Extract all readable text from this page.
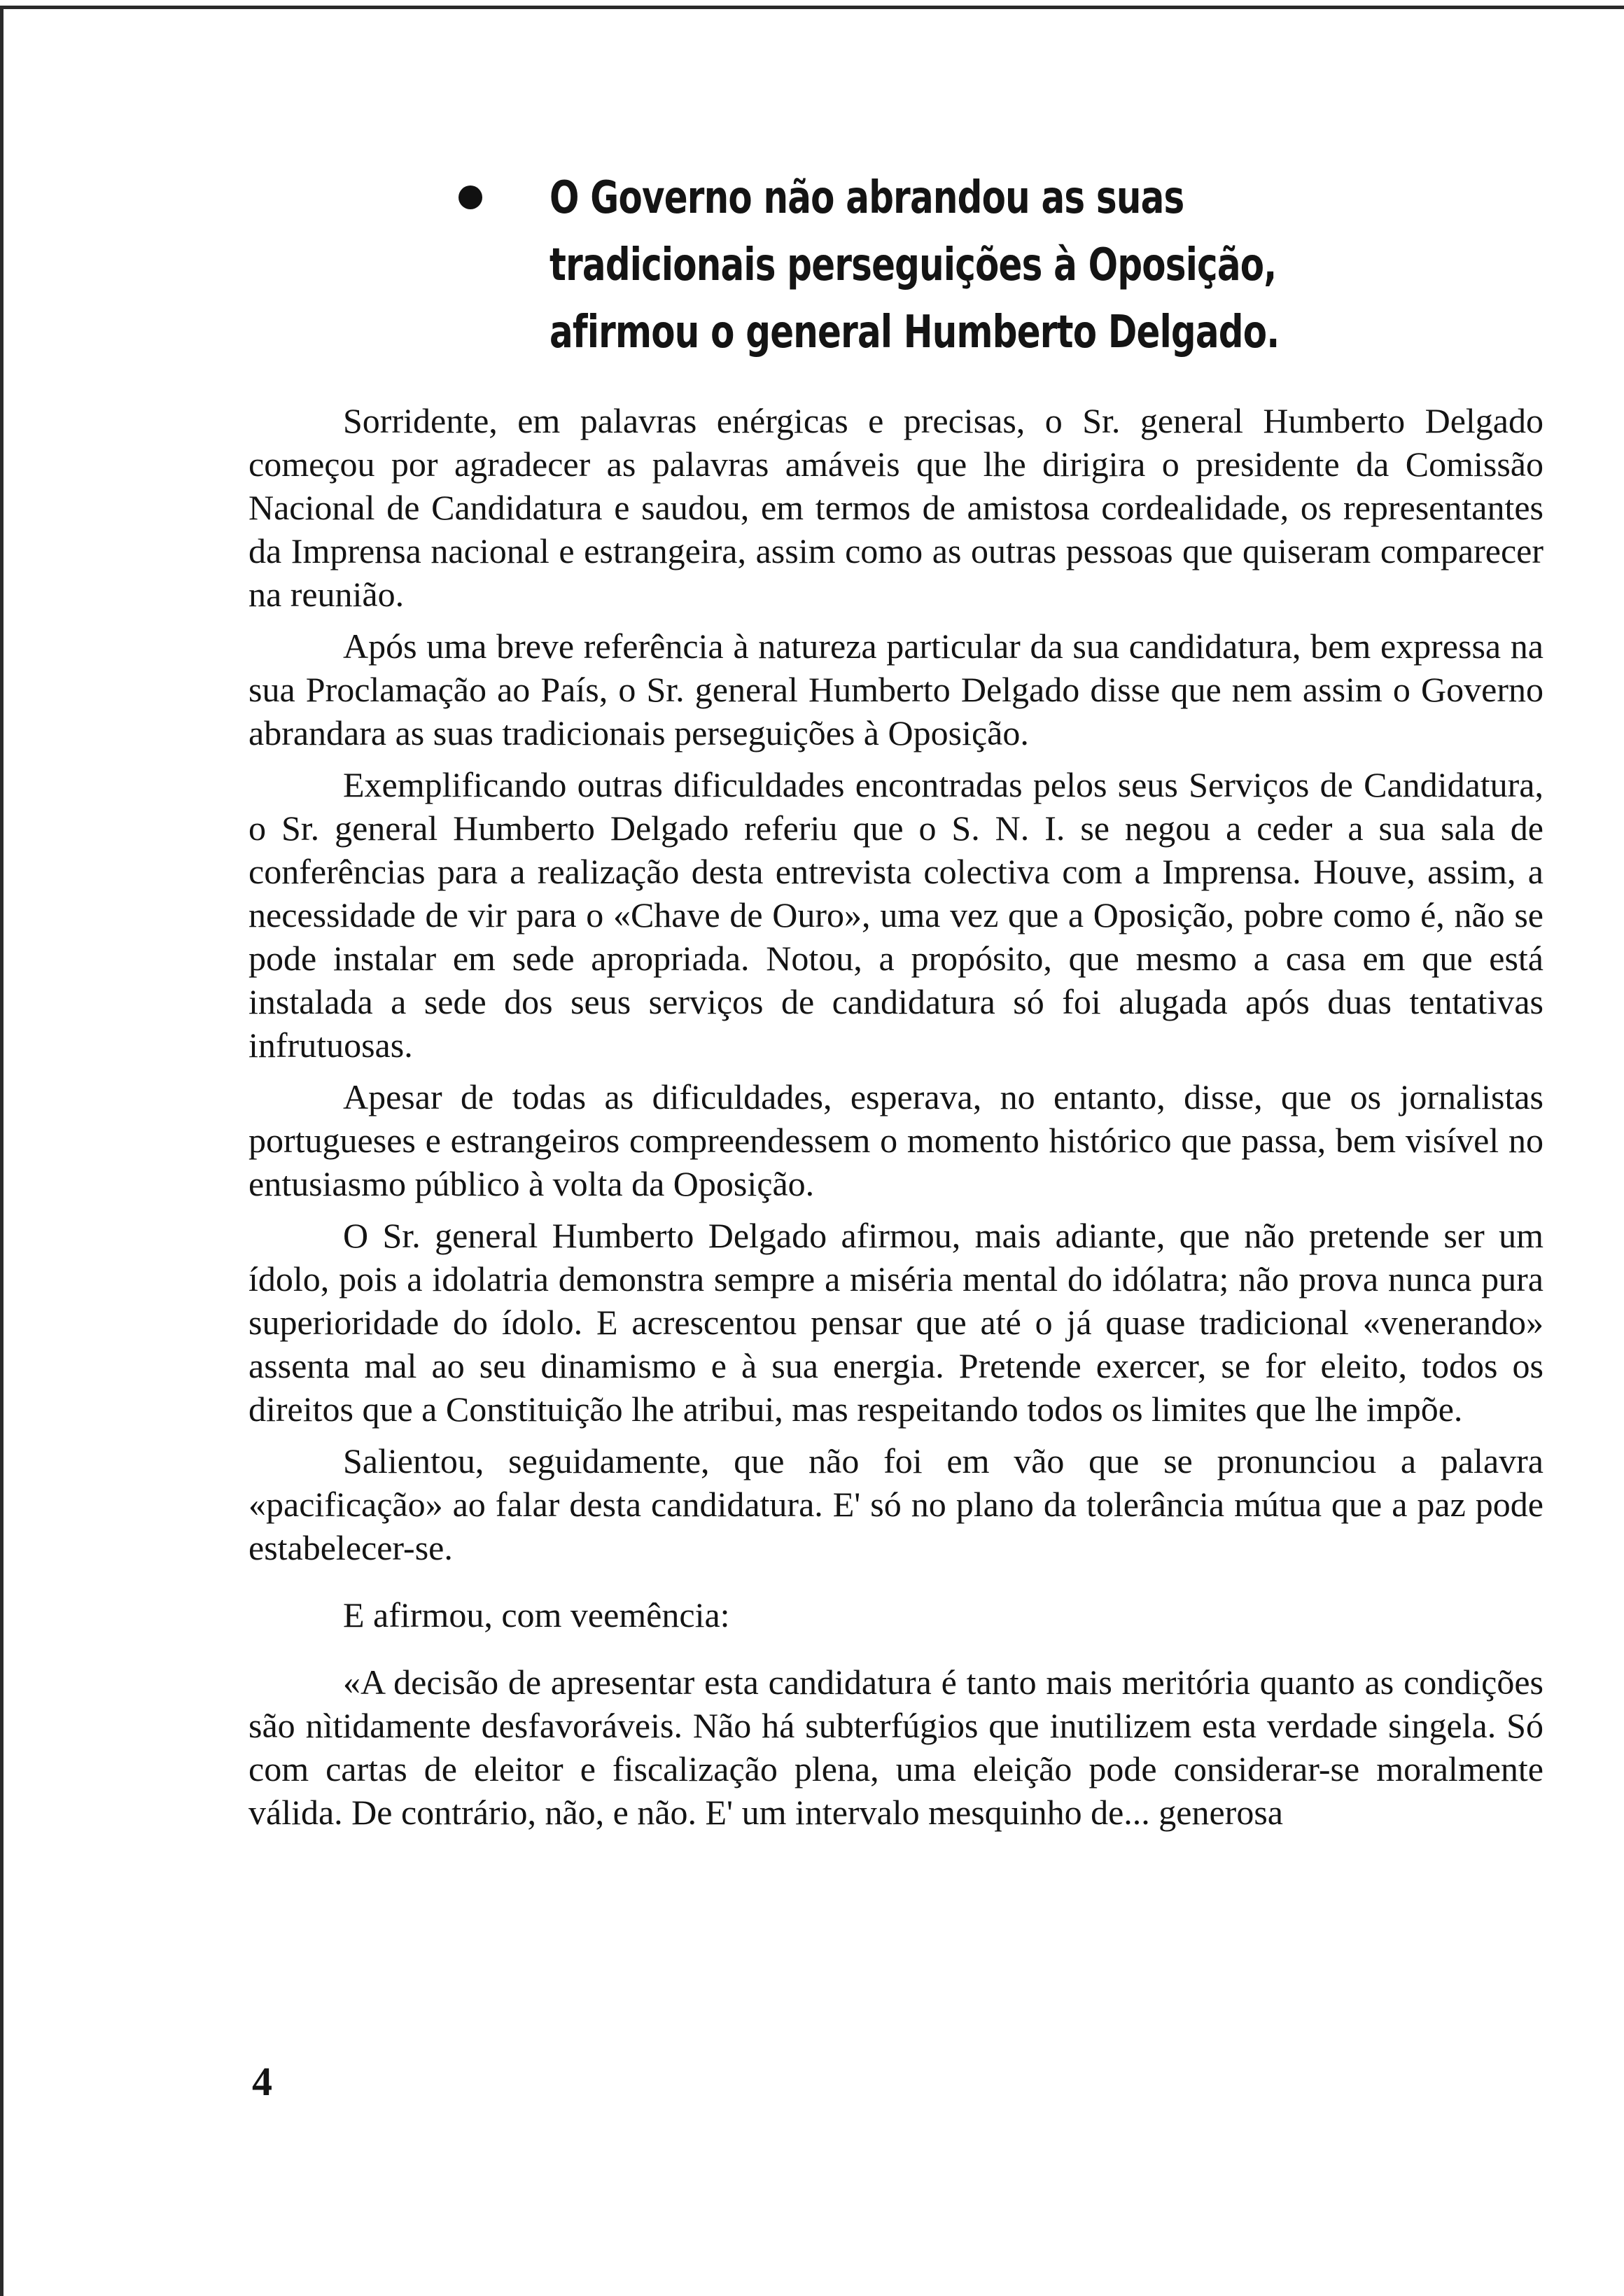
O Governo não abrandou as suas tradicionais perseguições à Oposição, afirmou o general Humberto Delgado.

Sorridente, em palavras enérgicas e precisas, o Sr. general Humberto Delgado começou por agradecer as palavras amáveis que lhe dirigira o presidente da Comissão Nacional de Candidatura e saudou, em termos de amistosa cordealidade, os representantes da Imprensa nacional e estrangeira, assim como as outras pessoas que quiseram comparecer na reunião.

Após uma breve referência à natureza particular da sua candidatura, bem expressa na sua Proclamação ao País, o Sr. general Humberto Delgado disse que nem assim o Governo abrandara as suas tradicionais perseguições à Oposição.

Exemplificando outras dificuldades encontradas pelos seus Serviços de Candidatura, o Sr. general Humberto Delgado referiu que o S. N. I. se negou a ceder a sua sala de conferências para a realização desta entrevista colectiva com a Imprensa. Houve, assim, a necessidade de vir para o «Chave de Ouro», uma vez que a Oposição, pobre como é, não se pode instalar em sede apropriada. Notou, a propósito, que mesmo a casa em que está instalada a sede dos seus serviços de candidatura só foi alugada após duas tentativas infrutuosas.

Apesar de todas as dificuldades, esperava, no entanto, disse, que os jornalistas portugueses e estrangeiros compreendessem o momento histórico que passa, bem visível no entusiasmo público à volta da Oposição.

O Sr. general Humberto Delgado afirmou, mais adiante, que não pretende ser um ídolo, pois a idolatria demonstra sempre a miséria mental do idólatra; não prova nunca pura superioridade do ídolo. E acrescentou pensar que até o já quase tradicional «venerando» assenta mal ao seu dinamismo e à sua energia. Pretende exercer, se for eleito, todos os direitos que a Constituição lhe atribui, mas respeitando todos os limites que lhe impõe.

Salientou, seguidamente, que não foi em vão que se pronunciou a palavra «pacificação» ao falar desta candidatura. E' só no plano da tolerância mútua que a paz pode estabelecer-se.

E afirmou, com veemência:

«A decisão de apresentar esta candidatura é tanto mais meritória quanto as condições são nìtidamente desfavoráveis. Não há subterfúgios que inutilizem esta verdade singela. Só com cartas de eleitor e fiscalização plena, uma eleição pode considerar-se moralmente válida. De contrário, não, e não. E' um intervalo mesquinho de... generosa

4
